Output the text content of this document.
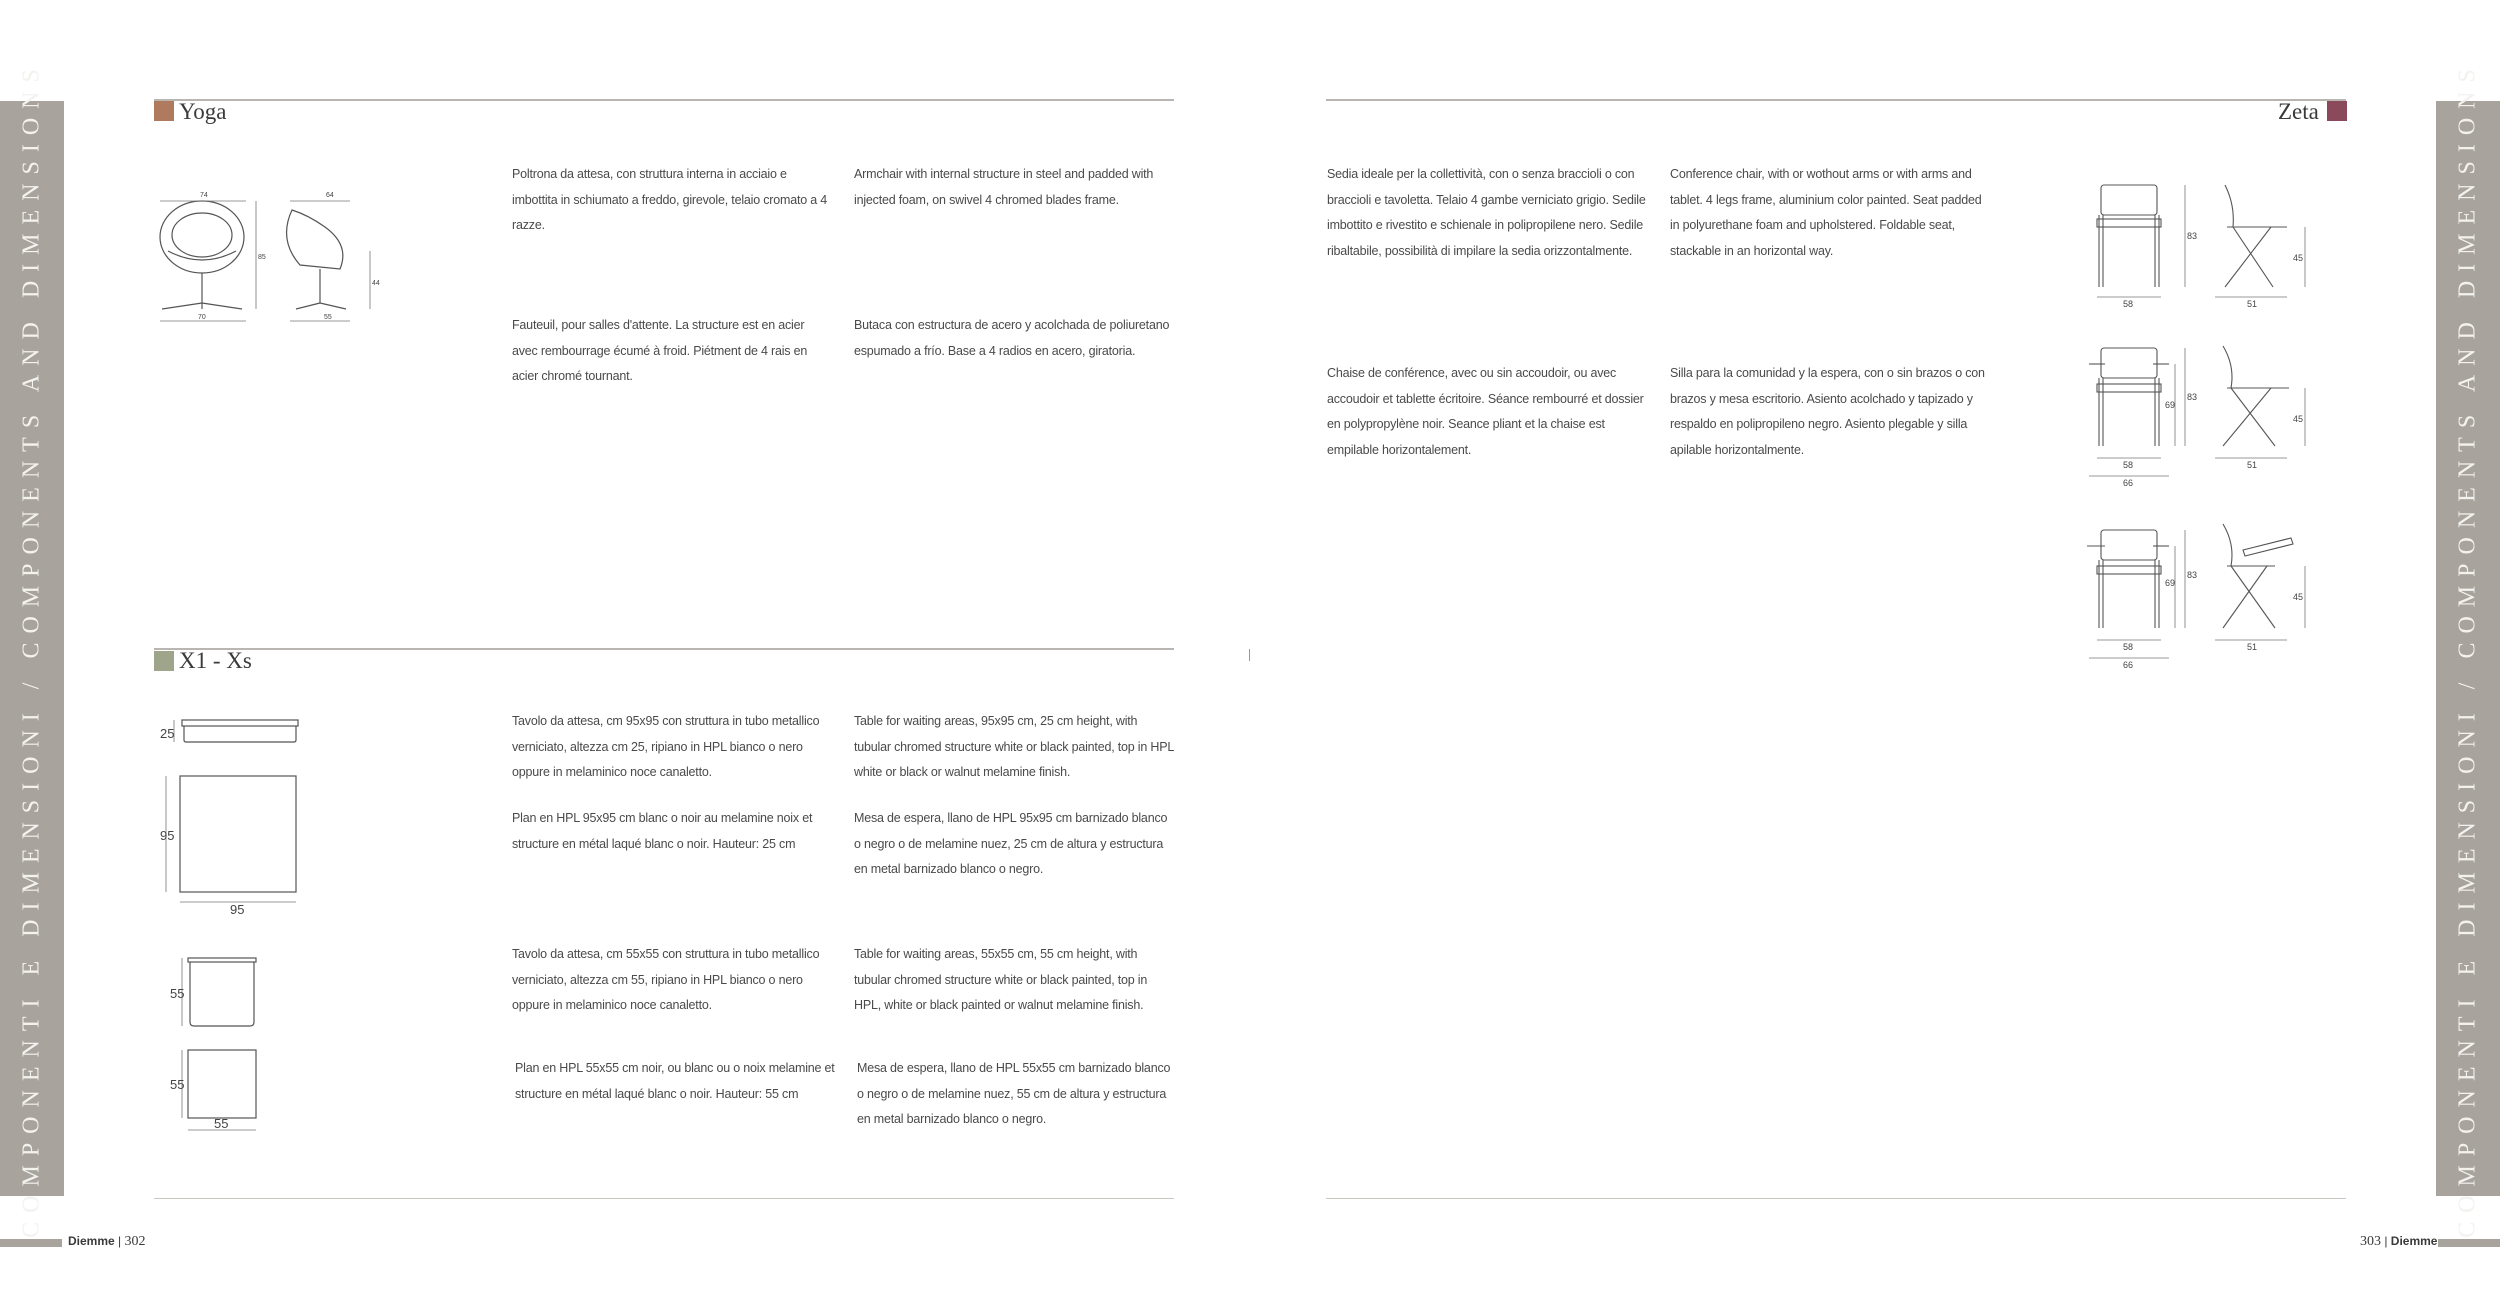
COMPONENTI E DIMENSIONI / COMPONENTS AND DIMENSIONS	COMPONENTI E DIMENSIONI / COMPONENTS AND DIMENSIONS
Yoga
74	64
85
44
70	55
Poltrona da attesa, con struttura interna in acciaio e imbottita in schiumato a freddo, girevole, telaio cromato a 4 razze.
Armchair with internal structure in steel and padded with injected foam, on swivel 4 chromed blades frame.
Fauteuil, pour salles d'attente. La structure est en acier avec rembourrage écumé à froid. Piétment de 4 rais en acier chromé tournant.
Butaca con estructura de acero y acolchada de poliuretano espumado a frío. Base a 4 radios en acero, giratoria.
X1 - Xs
25
95
95
Tavolo da attesa, cm 95x95 con struttura in tubo metallico verniciato, altezza cm 25, ripiano in HPL bianco o nero oppure in melaminico noce canaletto.
Table for waiting areas, 95x95 cm, 25 cm height, with tubular chromed structure white or black painted, top in HPL white or black or walnut melamine finish.
Plan en HPL 95x95 cm blanc o noir au melamine noix et structure en métal laqué blanc o noir. Hauteur: 25 cm
Mesa de espera, llano de HPL 95x95 cm barnizado blanco o negro o de melamine nuez, 25 cm de altura y estructura en metal barnizado blanco o negro.
55
55
55
Tavolo da attesa, cm 55x55 con struttura in tubo metallico verniciato, altezza cm 55, ripiano in HPL bianco o nero oppure in melaminico noce canaletto.
Table for waiting areas, 55x55 cm, 55 cm height, with tubular chromed structure white or black painted, top in HPL, white or black painted or walnut melamine finish.
Plan en HPL 55x55 cm noir, ou blanc ou o noix melamine et structure en métal laqué blanc o noir. Hauteur: 55 cm
Mesa de espera, llano de HPL 55x55 cm barnizado blanco o negro o de melamine nuez, 55 cm de altura y estructura en metal barnizado blanco o negro.
Zeta
Sedia ideale per la collettività, con o senza braccioli o con braccioli e tavoletta. Telaio 4 gambe verniciato grigio. Sedile imbottito e rivestito e schienale in polipropilene nero. Sedile ribaltabile, possibilità di impilare la sedia orizzontalmente.
Conference chair, with or wothout arms or with arms and tablet. 4 legs frame, aluminium color painted. Seat padded in polyurethane foam and upholstered. Foldable seat, stackable in an horizontal way.
Chaise de conférence, avec ou sin accoudoir, ou avec accoudoir et tablette écritoire. Séance rembourré et dossier en polypropylène noir. Seance pliant et la chaise est empilable horizontalement.
Silla para la comunidad y la espera, con o sin brazos o con brazos y mesa escritorio. Asiento acolchado y tapizado y respaldo en polipropileno negro. Asiento plegable y silla apilable horizontalmente.
83
45
58	51
83
69
45
58
66
51
83
69
45
58
66
51
Diemme | 302	303 | Diemme
